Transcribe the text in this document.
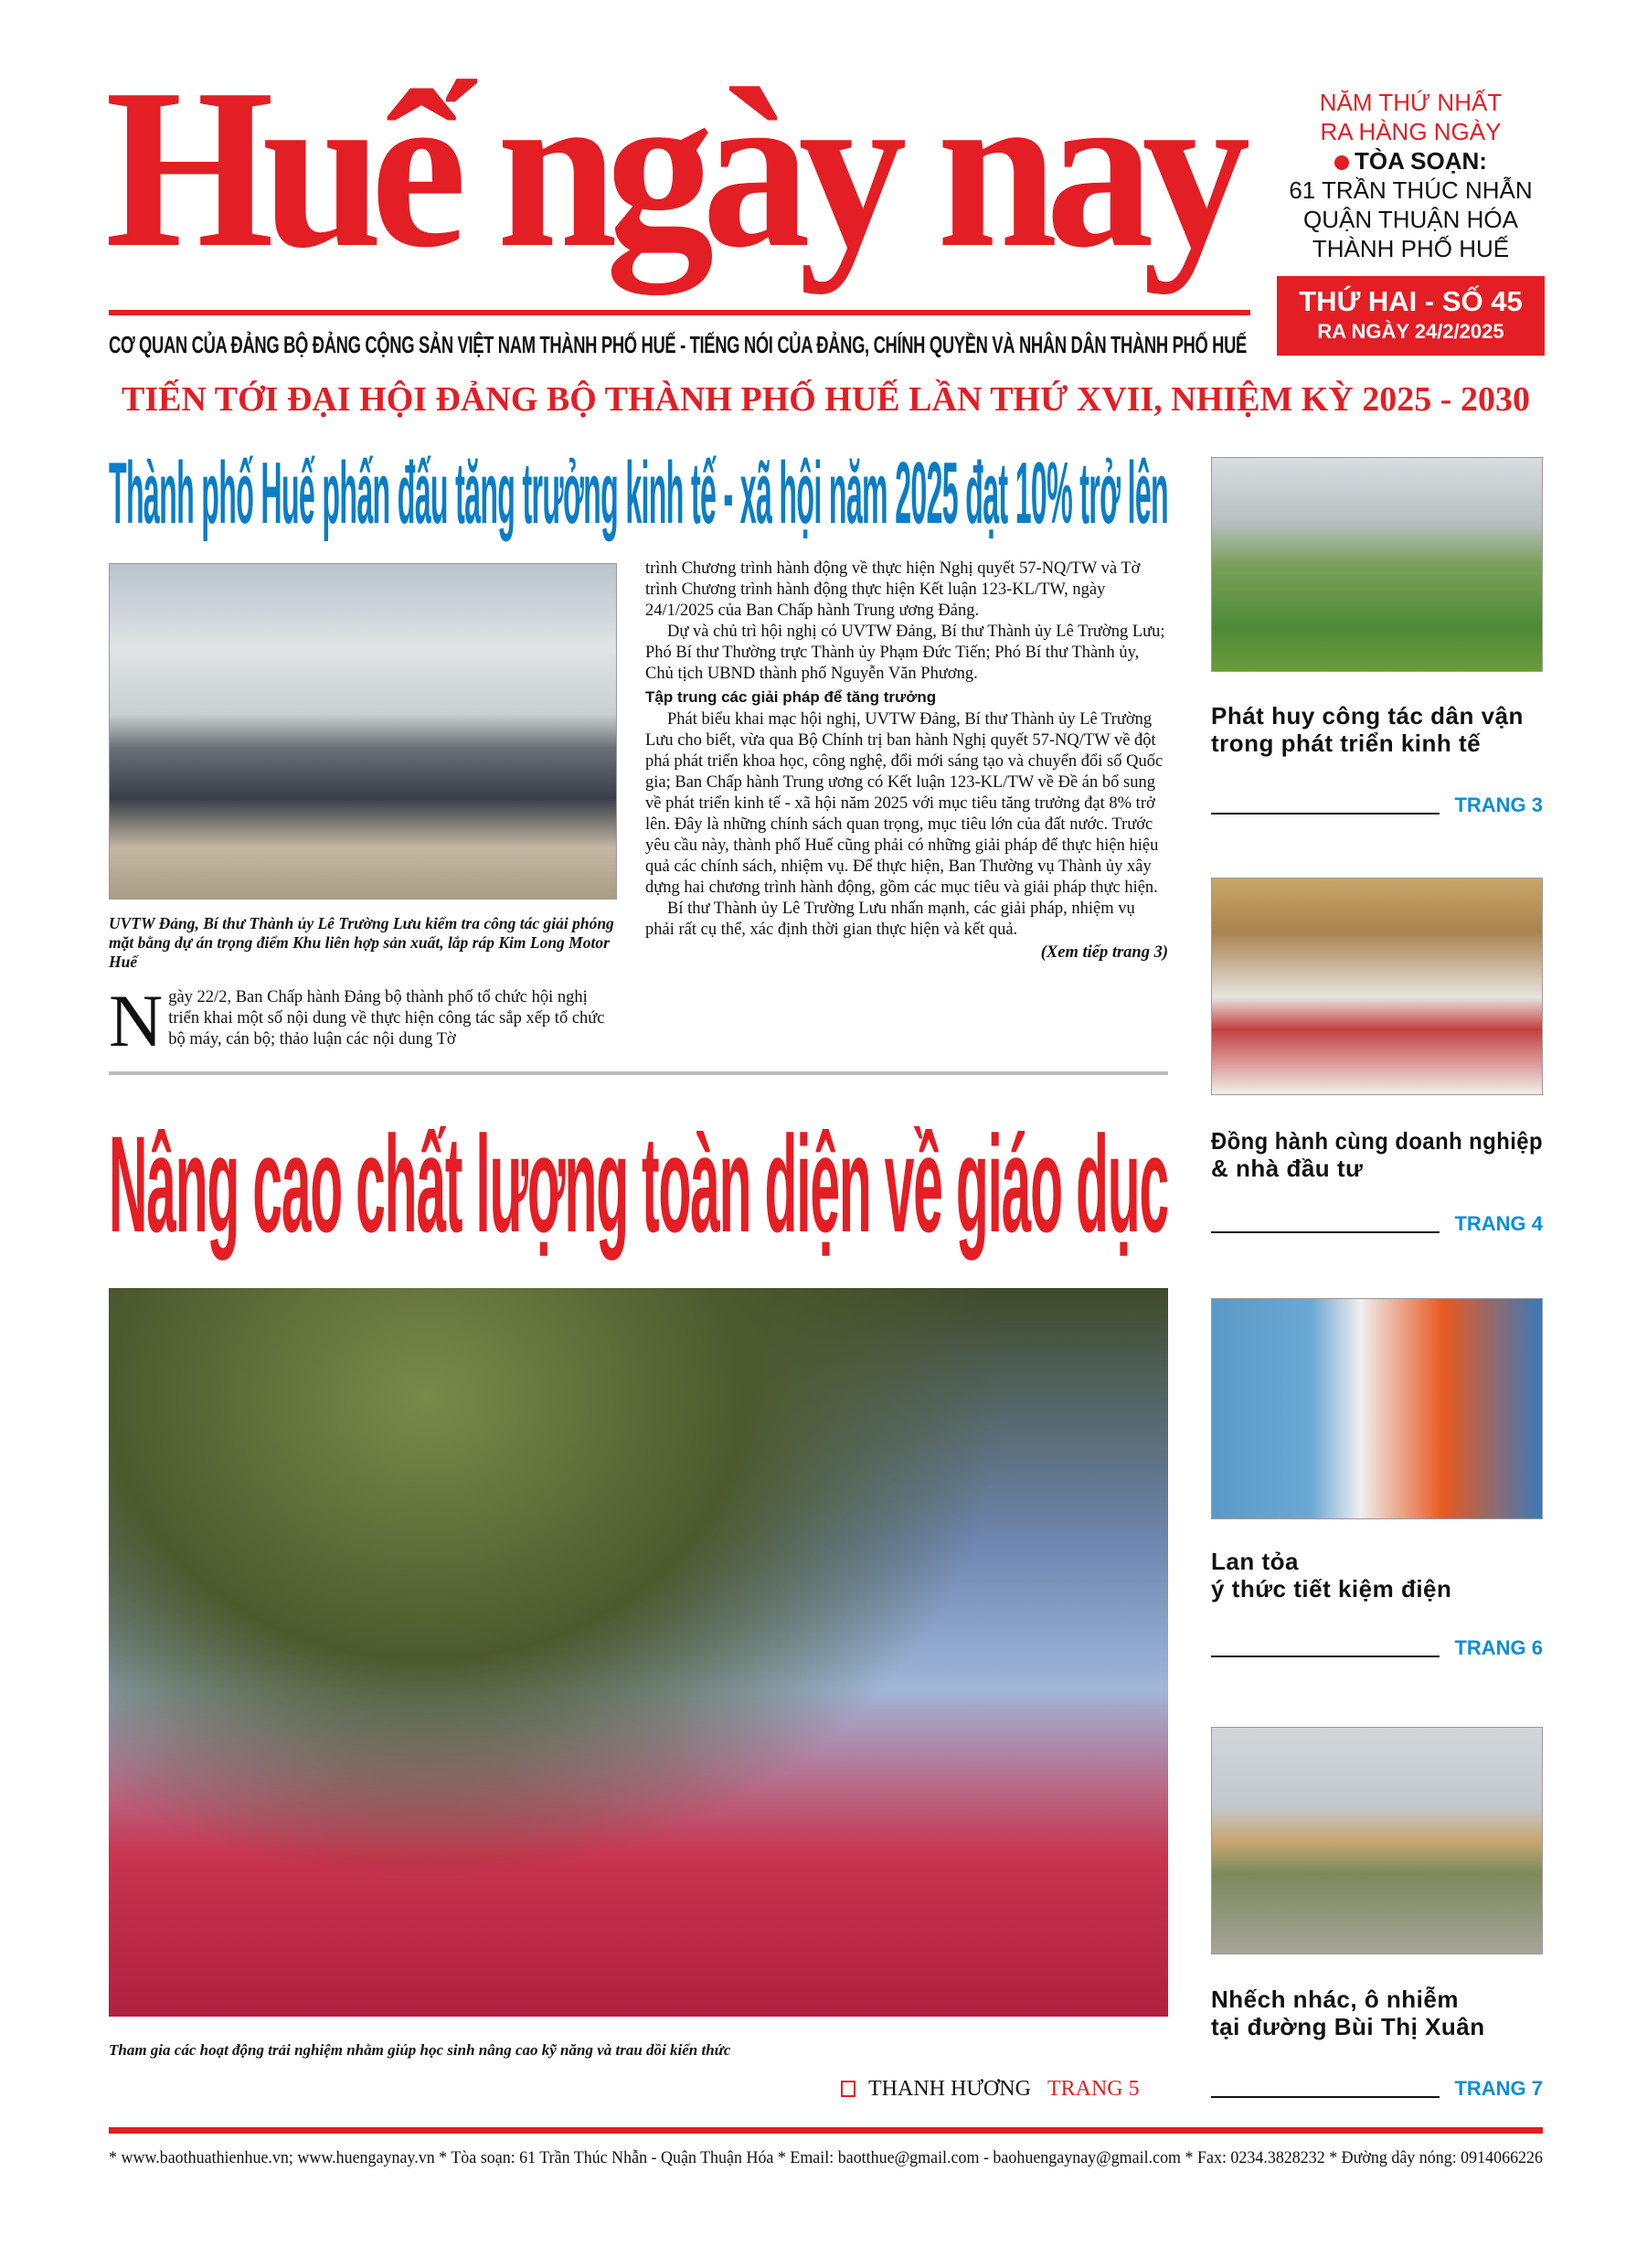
Huế ngày nay
CƠ QUAN CỦA ĐẢNG BỘ ĐẢNG CỘNG SẢN VIỆT NAM THÀNH PHỐ HUẾ - TIẾNG NÓI CỦA ĐẢNG, CHÍNH QUYỀN VÀ NHÂN DÂN THÀNH PHỐ HUẾ
NĂM THỨ NHẤT
RA HÀNG NGÀY
TÒA SOẠN:
61 TRẦN THÚC NHẪN
QUẬN THUẬN HÓA
THÀNH PHỐ HUẾ
THỨ HAI - SỐ 45
RA NGÀY 24/2/2025
TIẾN TỚI ĐẠI HỘI ĐẢNG BỘ THÀNH PHỐ HUẾ LẦN THỨ XVII, NHIỆM KỲ 2025 - 2030
Thành phố Huế phấn đấu tăng trưởng kinh tế - xã hội năm 2025 đạt 10% trở lên
UVTW Đảng, Bí thư Thành ủy Lê Trường Lưu kiểm tra công tác giải phóng mặt bằng dự án trọng điểm Khu liên hợp sản xuất, lắp ráp Kim Long Motor Huế
Ngày 22/2, Ban Chấp hành Đảng bộ thành phố tổ chức hội nghị triển khai một số nội dung về thực hiện công tác sắp xếp tổ chức bộ máy, cán bộ; thảo luận các nội dung Tờ
trình Chương trình hành động về thực hiện Nghị quyết 57-NQ/TW và Tờ trình Chương trình hành động thực hiện Kết luận 123-KL/TW, ngày 24/1/2025 của Ban Chấp hành Trung ương Đảng.

Dự và chủ trì hội nghị có UVTW Đảng, Bí thư Thành ủy Lê Trường Lưu; Phó Bí thư Thường trực Thành ủy Phạm Đức Tiến; Phó Bí thư Thành ủy, Chủ tịch UBND thành phố Nguyễn Văn Phương.

Tập trung các giải pháp để tăng trưởng

Phát biểu khai mạc hội nghị, UVTW Đảng, Bí thư Thành ủy Lê Trường Lưu cho biết, vừa qua Bộ Chính trị ban hành Nghị quyết 57-NQ/TW về đột phá phát triển khoa học, công nghệ, đổi mới sáng tạo và chuyển đổi số Quốc gia; Ban Chấp hành Trung ương có Kết luận 123-KL/TW về Đề án bổ sung về phát triển kinh tế - xã hội năm 2025 với mục tiêu tăng trưởng đạt 8% trở lên. Đây là những chính sách quan trọng, mục tiêu lớn của đất nước. Trước yêu cầu này, thành phố Huế cũng phải có những giải pháp để thực hiện hiệu quả các chính sách, nhiệm vụ. Để thực hiện, Ban Thường vụ Thành ủy xây dựng hai chương trình hành động, gồm các mục tiêu và giải pháp thực hiện.

Bí thư Thành ủy Lê Trường Lưu nhấn mạnh, các giải pháp, nhiệm vụ phải rất cụ thể, xác định thời gian thực hiện và kết quả.

(Xem tiếp trang 3)
Nâng cao chất lượng toàn diện về giáo dục
Tham gia các hoạt động trải nghiệm nhằm giúp học sinh nâng cao kỹ năng và trau dồi kiến thức
THANH HƯƠNG TRANG 5
Phát huy công tác dân vận
trong phát triển kinh tế
TRANG 3
Đồng hành cùng doanh nghiệp
& nhà đầu tư
TRANG 4
Lan tỏa
ý thức tiết kiệm điện
TRANG 6
Nhếch nhác, ô nhiễm
tại đường Bùi Thị Xuân
TRANG 7
* www.baothuathienhue.vn; www.huengaynay.vn * Tòa soạn: 61 Trần Thúc Nhẫn - Quận Thuận Hóa * Email: baotthue@gmail.com - baohuengaynay@gmail.com * Fax: 0234.3828232 * Đường dây nóng: 0914066226
